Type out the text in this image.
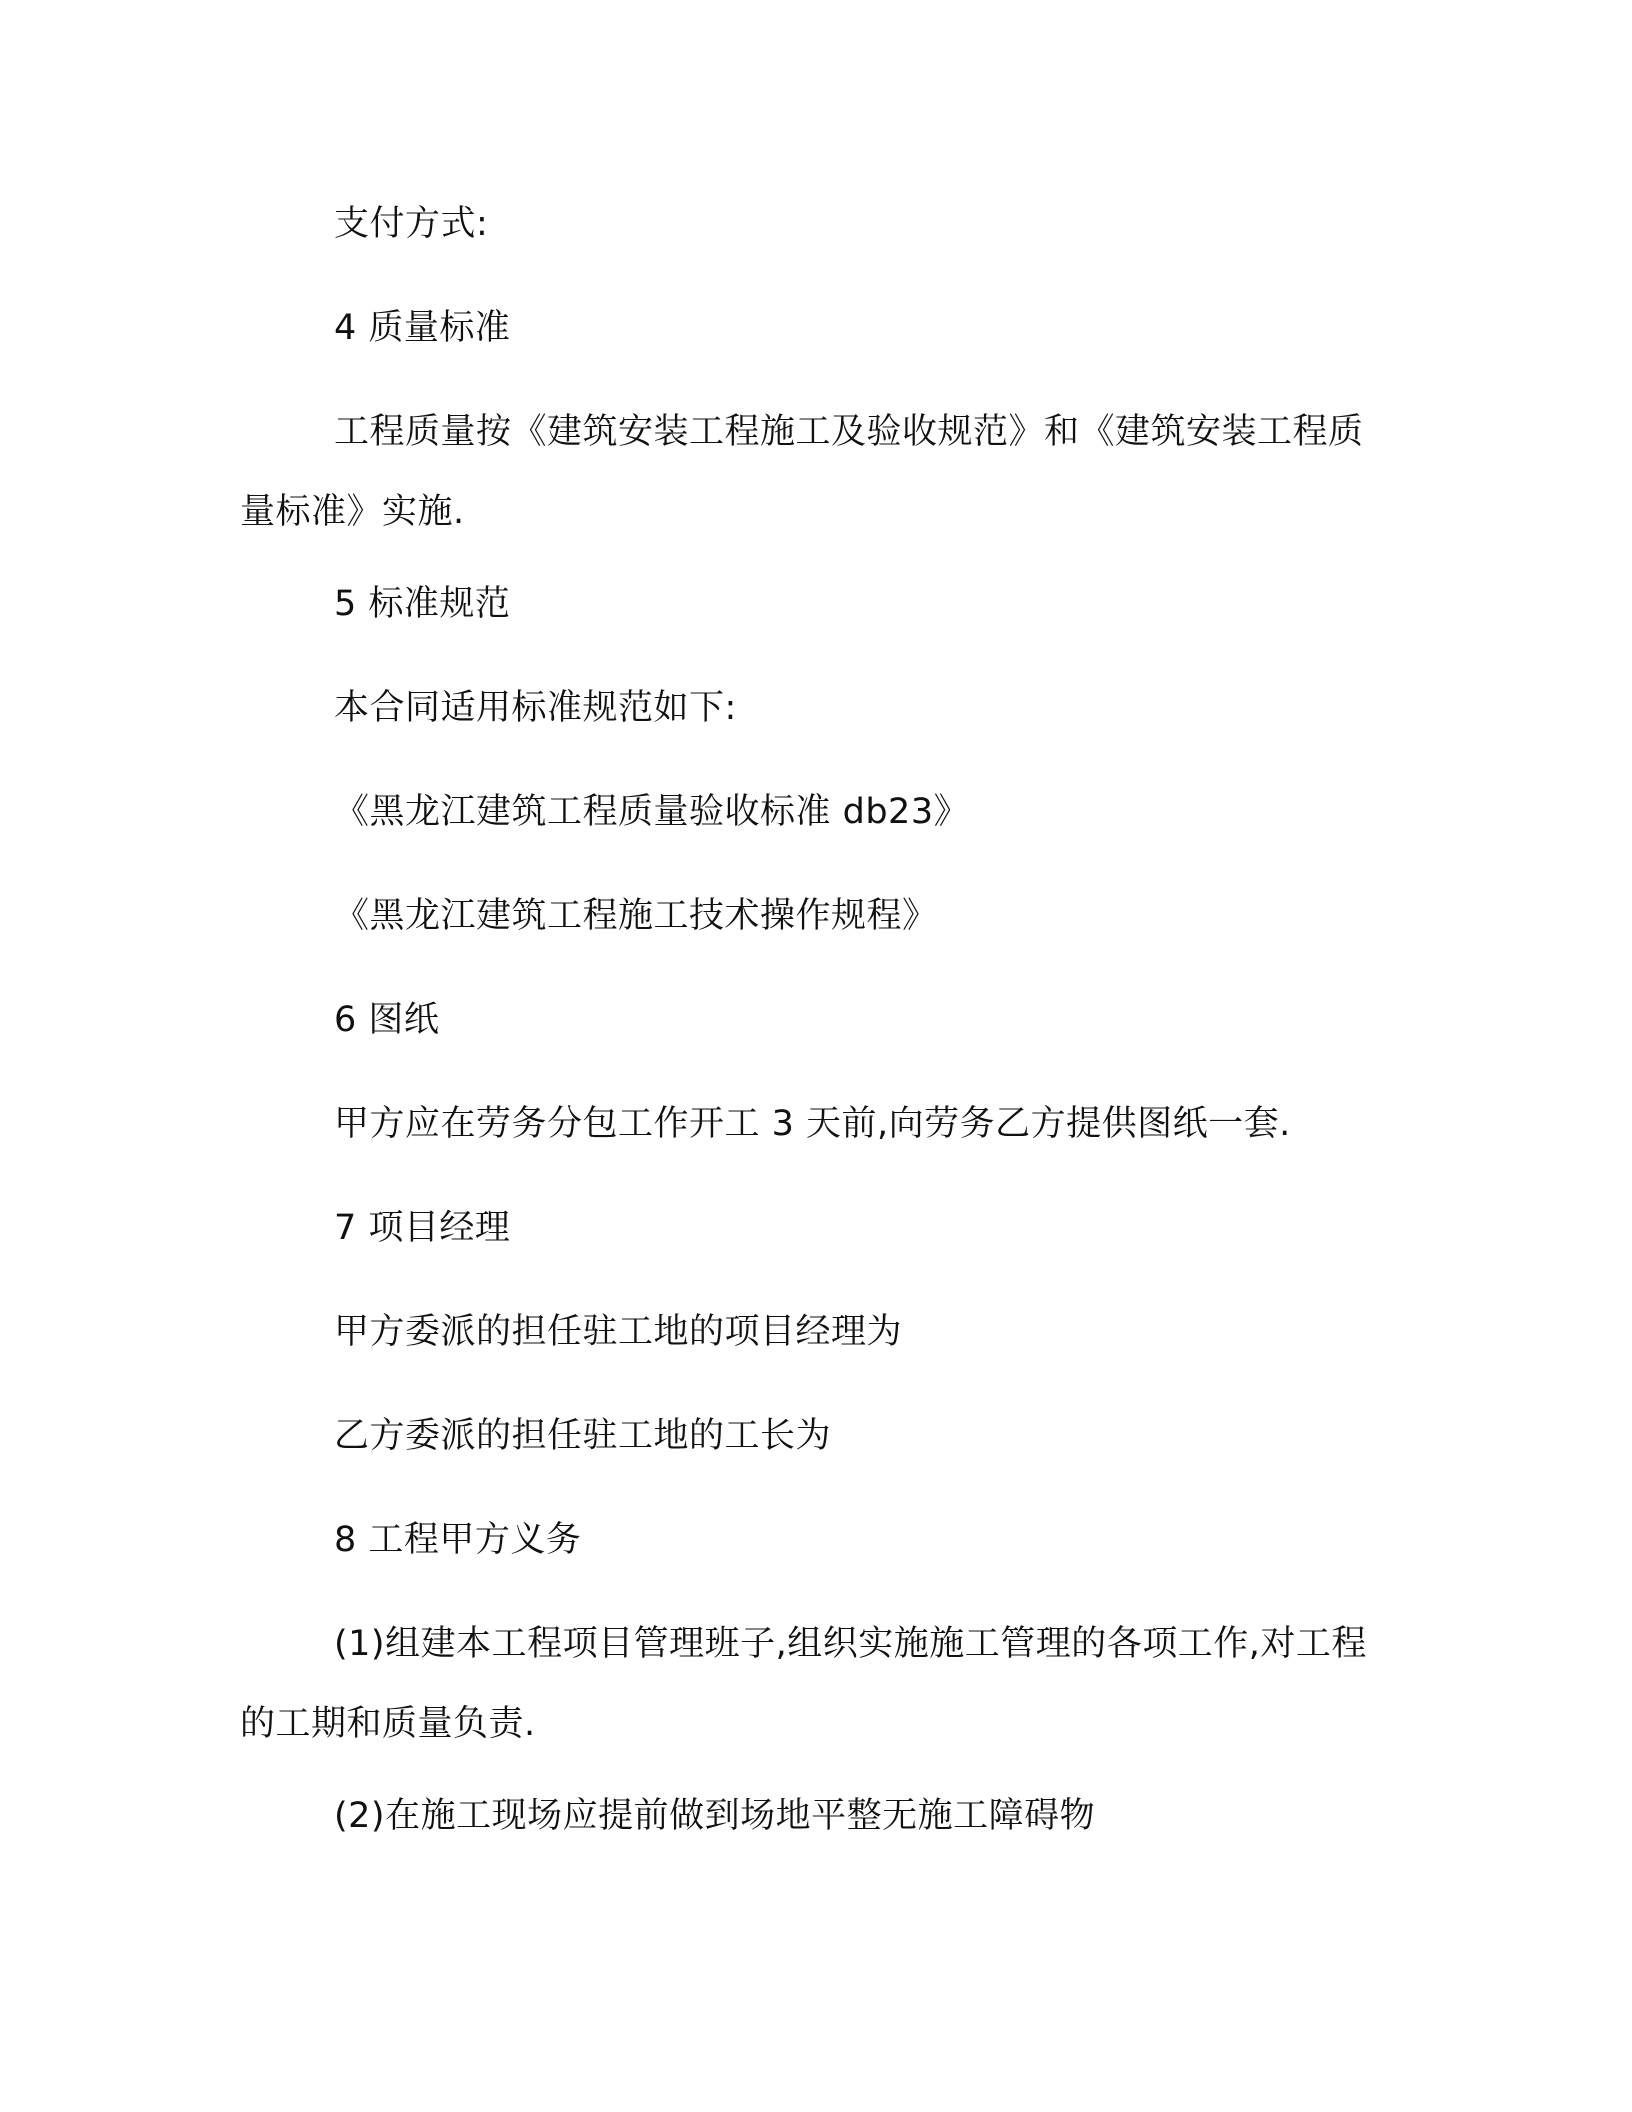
支付方式:

4 质量标准

工程质量按《建筑安装工程施工及验收规范》和《建筑安装工程质量标准》实施.

5 标准规范

本合同适用标准规范如下:

《黑龙江建筑工程质量验收标准 db23》

《黑龙江建筑工程施工技术操作规程》

6 图纸

甲方应在劳务分包工作开工 3 天前,向劳务乙方提供图纸一套.

7 项目经理

甲方委派的担任驻工地的项目经理为

乙方委派的担任驻工地的工长为

8 工程甲方义务

(1)组建本工程项目管理班子,组织实施施工管理的各项工作,对工程的工期和质量负责.

(2)在施工现场应提前做到场地平整无施工障碍物
